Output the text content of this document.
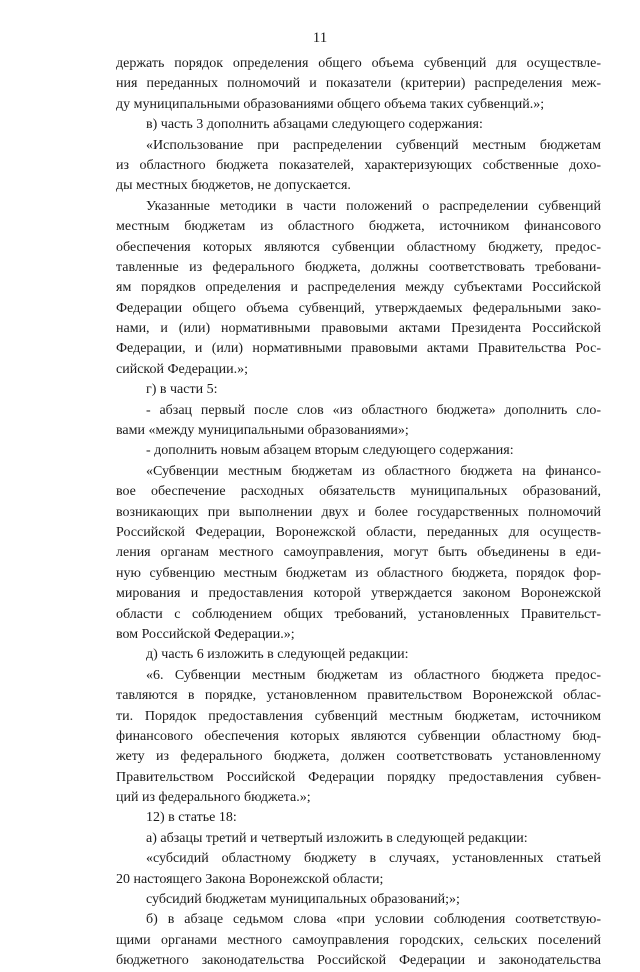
11
держать порядок определения общего объема субвенций для осуществле-
ния переданных полномочий и показатели (критерии) распределения меж-
ду муниципальными образованиями общего объема таких субвенций.»;
в) часть 3 дополнить абзацами следующего содержания:
«Использование при распределении субвенций местным бюджетам
из областного бюджета показателей, характеризующих собственные дохо-
ды местных бюджетов, не допускается.
Указанные методики в части положений о распределении субвенций
местным бюджетам из областного бюджета, источником финансового
обеспечения которых являются субвенции областному бюджету, предос-
тавленные из федерального бюджета, должны соответствовать требовани-
ям порядков определения и распределения между субъектами Российской
Федерации общего объема субвенций, утверждаемых федеральными зако-
нами, и (или) нормативными правовыми актами Президента Российской
Федерации, и (или) нормативными правовыми актами Правительства Рос-
сийской Федерации.»;
г) в части 5:
- абзац первый после слов «из областного бюджета» дополнить сло-
вами «между муниципальными образованиями»;
- дополнить новым абзацем вторым следующего содержания:
«Субвенции местным бюджетам из областного бюджета на финансо-
вое обеспечение расходных обязательств муниципальных образований,
возникающих при выполнении двух и более государственных полномочий
Российской Федерации, Воронежской области, переданных для осуществ-
ления органам местного самоуправления, могут быть объединены в еди-
ную субвенцию местным бюджетам из областного бюджета, порядок фор-
мирования и предоставления которой утверждается законом Воронежской
области с соблюдением общих требований, установленных Правительст-
вом Российской Федерации.»;
д) часть 6 изложить в следующей редакции:
«6. Субвенции местным бюджетам из областного бюджета предос-
тавляются в порядке, установленном правительством Воронежской облас-
ти. Порядок предоставления субвенций местным бюджетам, источником
финансового обеспечения которых являются субвенции областному бюд-
жету из федерального бюджета, должен соответствовать установленному
Правительством Российской Федерации порядку предоставления субвен-
ций из федерального бюджета.»;
12) в статье 18:
а) абзацы третий и четвертый изложить в следующей редакции:
«субсидий областному бюджету в случаях, установленных статьей
20 настоящего Закона Воронежской области;
субсидий бюджетам муниципальных образований;»;
б) в абзаце седьмом слова «при условии соблюдения соответствую-
щими органами местного самоуправления городских, сельских поселений
бюджетного законодательства Российской Федерации и законодательства
